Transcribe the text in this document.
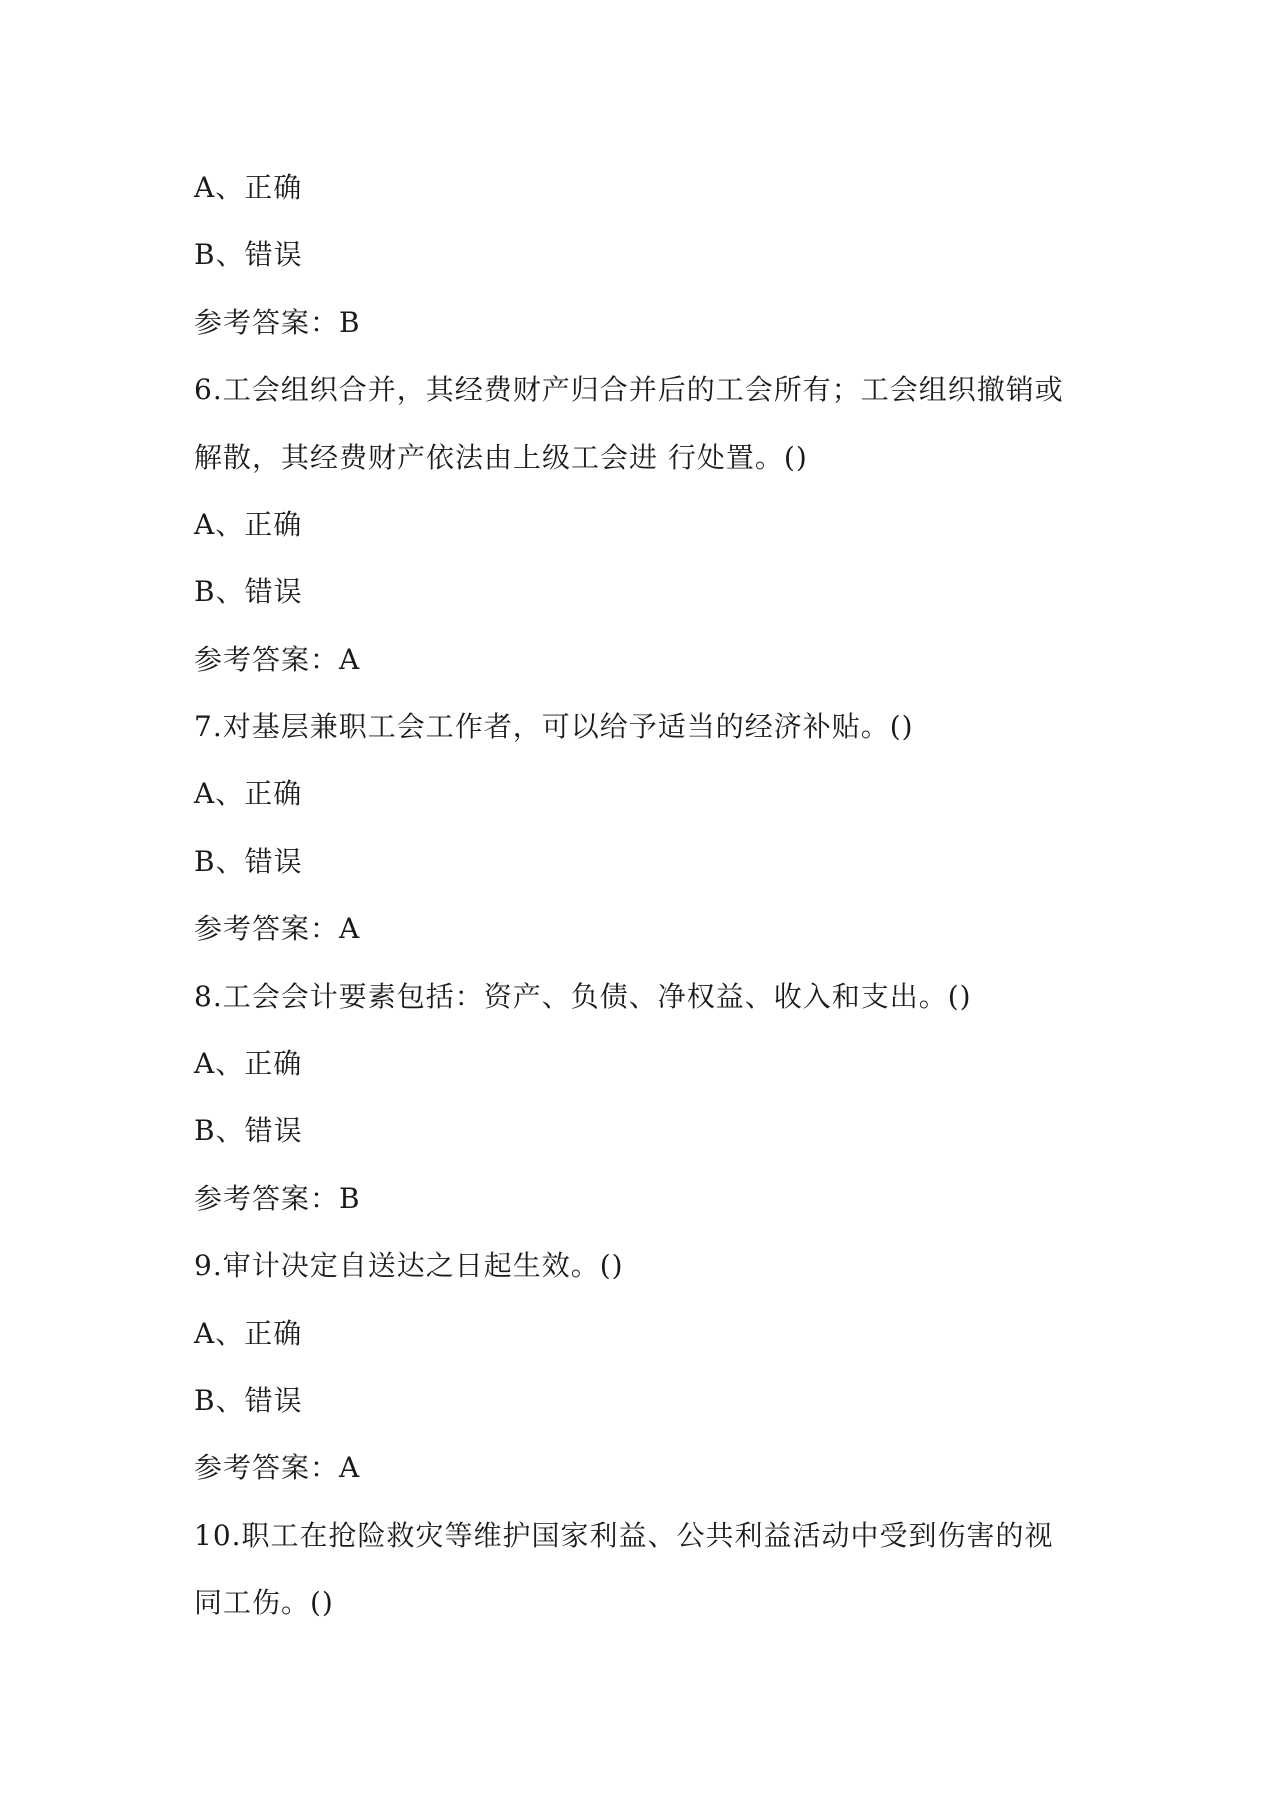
A、正确
B、错误
参考答案：B
6.工会组织合并，其经费财产归合并后的工会所有；工会组织撤销或
解散，其经费财产依法由上级工会进 行处置。()
A、正确
B、错误
参考答案：A
7.对基层兼职工会工作者，可以给予适当的经济补贴。()
A、正确
B、错误
参考答案：A
8.工会会计要素包括：资产、负债、净权益、收入和支出。()
A、正确
B、错误
参考答案：B
9.审计决定自送达之日起生效。()
A、正确
B、错误
参考答案：A
10.职工在抢险救灾等维护国家利益、公共利益活动中受到伤害的视
同工伤。()
